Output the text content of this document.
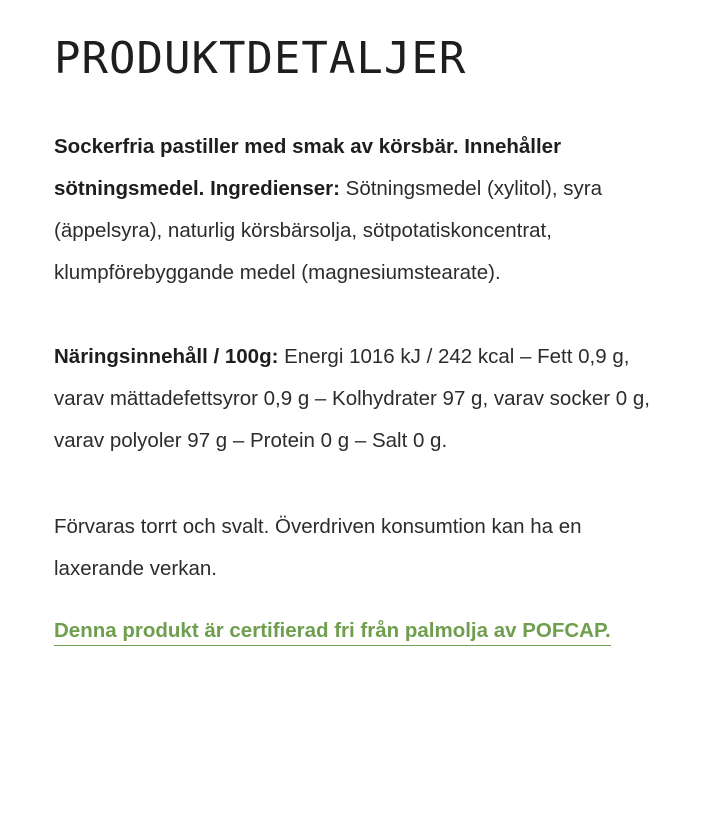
PRODUKTDETALJER

Sockerfria pastiller med smak av körsbär. Innehåller sötningsmedel. Ingredienser: Sötningsmedel (xylitol), syra (äppelsyra), naturlig körsbärsolja, sötpotatiskoncentrat, klumpförebyggande medel (magnesiumstearate).

Näringsinnehåll / 100g: Energi 1016 kJ / 242 kcal – Fett 0,9 g, varav mättadefettsyror 0,9 g – Kolhydrater 97 g, varav socker 0 g, varav polyoler 97 g – Protein 0 g – Salt 0 g.

Förvaras torrt och svalt. Överdriven konsumtion kan ha en laxerande verkan.

Denna produkt är certifierad fri från palmolja av POFCAP.
